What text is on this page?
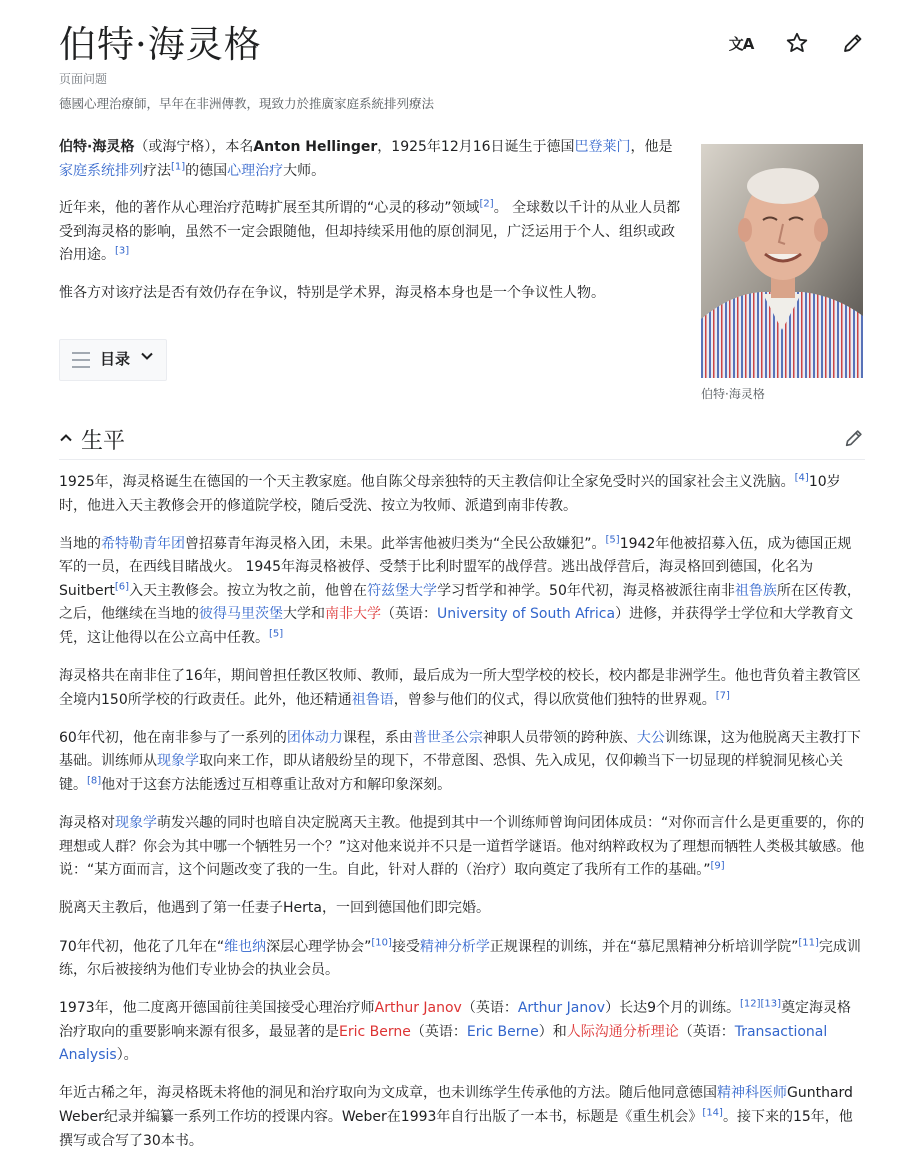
伯特·海灵格	文A
页面问题
德國心理治療師，早年在非洲傳教，現致力於推廣家庭系統排列療法
伯特·海灵格

伯特·海灵格（或海宁格），本名Anton Hellinger，1925年12月16日诞生于德国巴登莱门，他是家庭系统排列疗法[1]的德国心理治疗大师。

近年来，他的著作从心理治疗范畴扩展至其所谓的“心灵的移动”领域[2]。 全球数以千计的从业人员都受到海灵格的影响，虽然不一定会跟随他，但却持续采用他的原创洞见，广泛运用于个人、组织或政治用途。[3]

惟各方对该疗法是否有效仍存在争议，特别是学术界，海灵格本身也是一个争议性人物。

目录
生平

1925年，海灵格诞生在德国的一个天主教家庭。他自陈父母亲独特的天主教信仰让全家免受时兴的国家社会主义洗脑。[4]10岁时，他进入天主教修会开的修道院学校，随后受洗、按立为牧师、派遣到南非传教。

当地的希特勒青年团曾招募青年海灵格入团，未果。此举害他被归类为“全民公敌嫌犯”。[5]1942年他被招募入伍，成为德国正规军的一员，在西线目睹战火。 1945年海灵格被俘、受禁于比利时盟军的战俘营。逃出战俘营后，海灵格回到德国，化名为Suitbert[6]入天主教修会。按立为牧之前，他曾在符兹堡大学学习哲学和神学。50年代初，海灵格被派往南非祖鲁族所在区传教，之后，他继续在当地的彼得马里茨堡大学和南非大学（英语：University of South Africa）进修，并获得学士学位和大学教育文凭，这让他得以在公立高中任教。[5]

海灵格共在南非住了16年，期间曾担任教区牧师、教师，最后成为一所大型学校的校长，校内都是非洲学生。他也背负着主教管区全境内150所学校的行政责任。此外，他还精通祖鲁语，曾参与他们的仪式，得以欣赏他们独特的世界观。[7]

60年代初，他在南非参与了一系列的团体动力课程，系由普世圣公宗神职人员带领的跨种族、大公训练课，这为他脱离天主教打下基础。训练师从现象学取向来工作，即从诸般纷呈的现下，不带意图、恐惧、先入成见，仅仰赖当下一切显现的样貌洞见核心关键。[8]他对于这套方法能透过互相尊重让敌对方和解印象深刻。

海灵格对现象学萌发兴趣的同时也暗自决定脱离天主教。他提到其中一个训练师曾询问团体成员：“对你而言什么是更重要的，你的理想或人群？你会为其中哪一个牺牲另一个？”这对他来说并不只是一道哲学谜语。他对纳粹政权为了理想而牺牲人类极其敏感。他说：“某方面而言，这个问题改变了我的一生。自此，针对人群的（治疗）取向奠定了我所有工作的基础。”[9]

脱离天主教后，他遇到了第一任妻子Herta，一回到德国他们即完婚。

70年代初，他花了几年在“维也纳深层心理学协会”[10]接受精神分析学正规课程的训练，并在“慕尼黑精神分析培训学院”[11]完成训练，尔后被接纳为他们专业协会的执业会员。

1973年，他二度离开德国前往美国接受心理治疗师Arthur Janov（英语：Arthur Janov）长达9个月的训练。[12][13]奠定海灵格治疗取向的重要影响来源有很多，最显著的是Eric Berne（英语：Eric Berne）和人际沟通分析理论（英语：Transactional Analysis）。

年近古稀之年，海灵格既未将他的洞见和治疗取向为文成章，也未训练学生传承他的方法。随后他同意德国精神科医师Gunthard Weber纪录并编纂一系列工作坊的授课内容。Weber在1993年自行出版了一本书，标题是《重生机会》[14]。接下来的15年，他撰写或合写了30本书。
